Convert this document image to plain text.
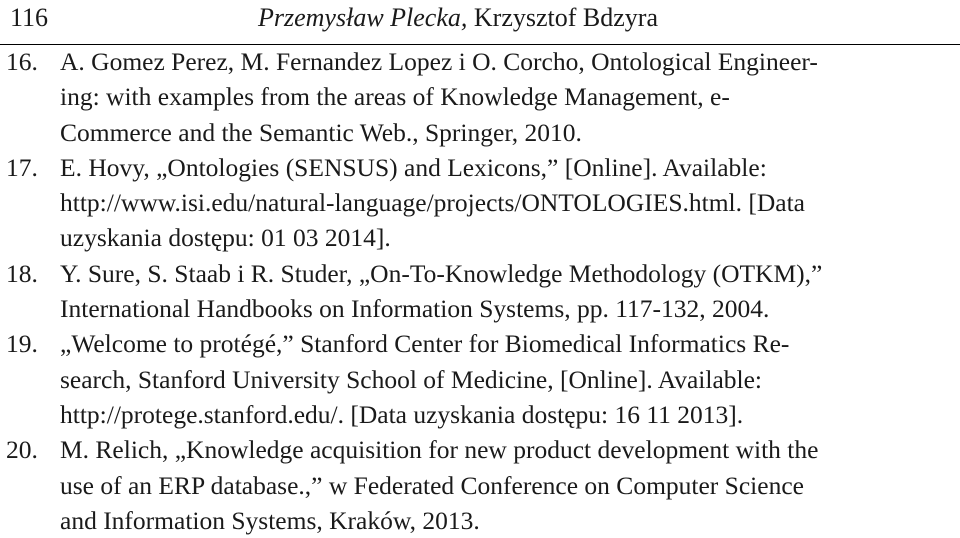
116	Przemysław Plecka, Krzysztof Bdzyra
16. A. Gomez Perez, M. Fernandez Lopez i O. Corcho, Ontological Engineer-
ing: with examples from the areas of Knowledge Management, e-
Commerce and the Semantic Web., Springer, 2010.
17. E. Hovy, „Ontologies (SENSUS) and Lexicons,” [Online]. Available:
http://www.isi.edu/natural-language/projects/ONTOLOGIES.html. [Data
uzyskania dostępu: 01 03 2014].
18. Y. Sure, S. Staab i R. Studer, „On-To-Knowledge Methodology (OTKM),”
International Handbooks on Information Systems, pp. 117-132, 2004.
19. „Welcome to protégé,” Stanford Center for Biomedical Informatics Re-
search, Stanford University School of Medicine, [Online]. Available:
http://protege.stanford.edu/. [Data uzyskania dostępu: 16 11 2013].
20. M. Relich, „Knowledge acquisition for new product development with the
use of an ERP database.,” w Federated Conference on Computer Science
and Information Systems, Kraków, 2013.
